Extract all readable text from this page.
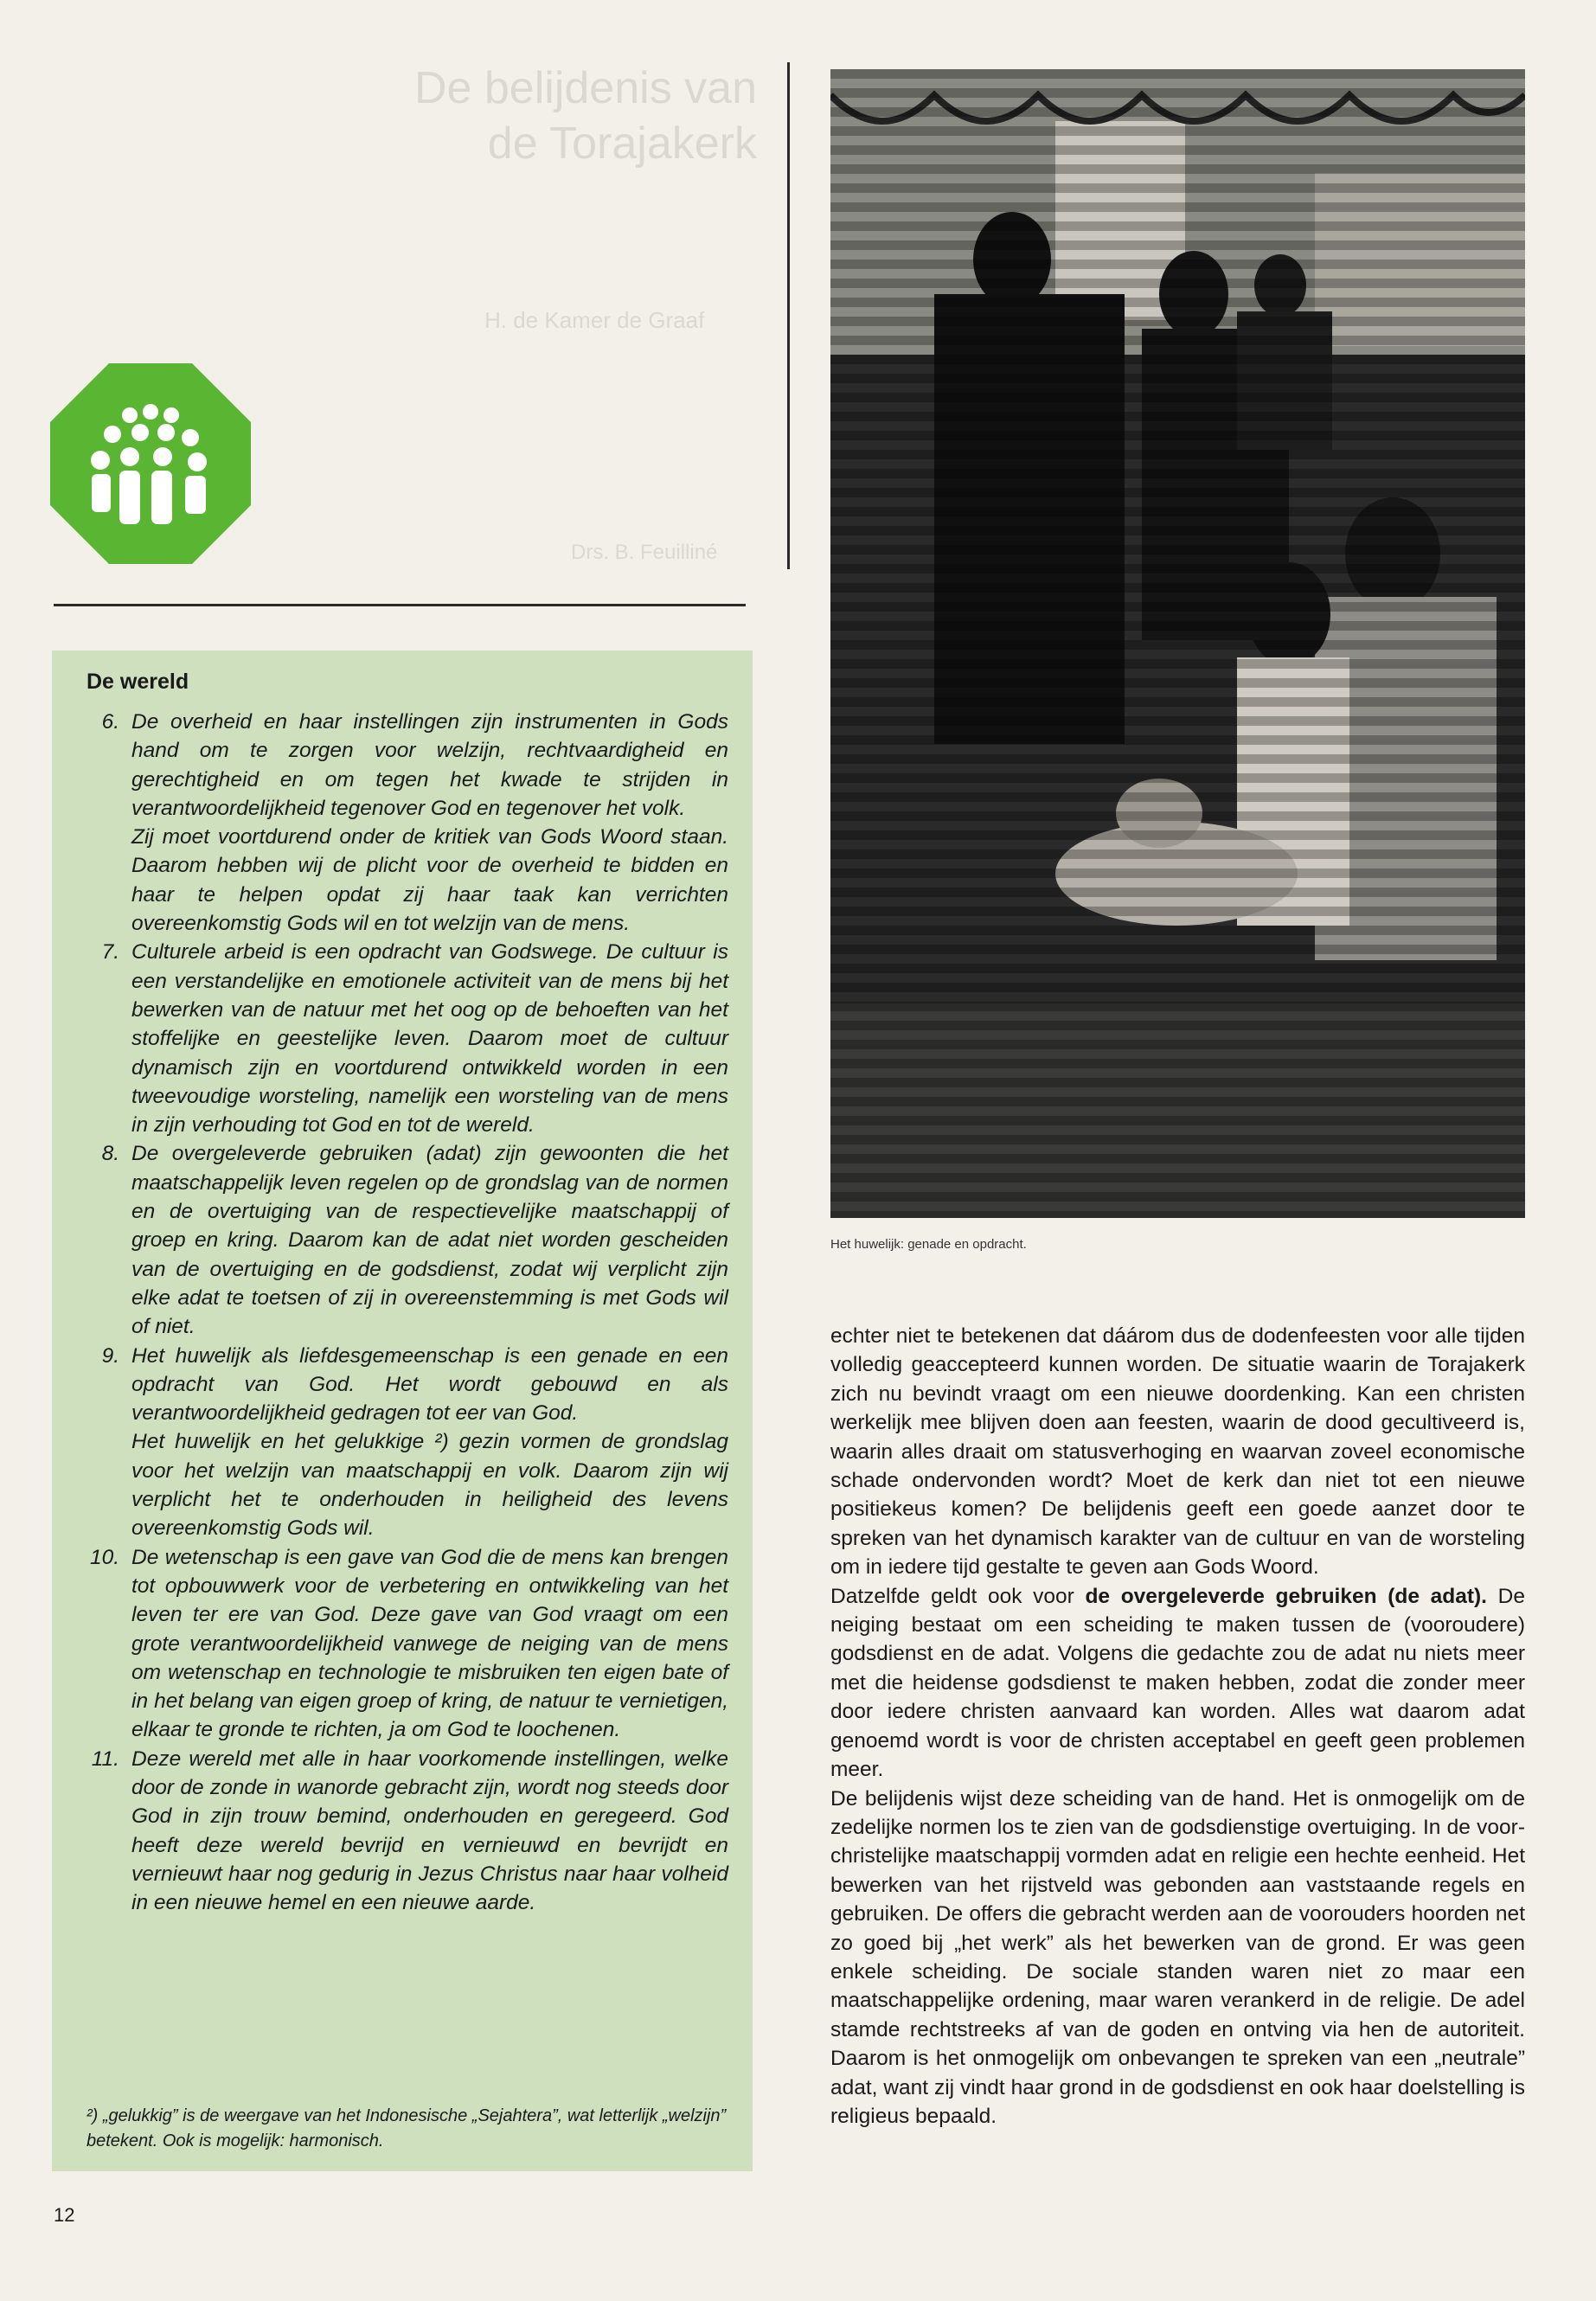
De belijdenis van
de Torajakerk
H. de Kamer de Graaf
Drs. B. Feuilliné
Het huwelijk: genade en opdracht.
De wereld
6. De overheid en haar instellingen zijn instrumenten in Gods hand om te zorgen voor welzijn, rechtvaardigheid en gerechtigheid en om tegen het kwade te strijden in verantwoordelijkheid tegenover God en tegenover het volk.

Zij moet voortdurend onder de kritiek van Gods Woord staan. Daarom hebben wij de plicht voor de overheid te bidden en haar te helpen opdat zij haar taak kan verrichten overeenkomstig Gods wil en tot welzijn van de mens.

7. Culturele arbeid is een opdracht van Godswege. De cultuur is een verstandelijke en emotionele activiteit van de mens bij het bewerken van de natuur met het oog op de behoeften van het stoffelijke en geestelijke leven. Daarom moet de cultuur dynamisch zijn en voortdurend ontwikkeld worden in een tweevoudige worsteling, namelijk een worsteling van de mens in zijn verhouding tot God en tot de wereld.

8. De overgeleverde gebruiken (adat) zijn gewoonten die het maatschappelijk leven regelen op de grondslag van de normen en de overtuiging van de respectievelijke maatschappij of groep en kring. Daarom kan de adat niet worden gescheiden van de overtuiging en de godsdienst, zodat wij verplicht zijn elke adat te toetsen of zij in overeenstemming is met Gods wil of niet.

9. Het huwelijk als liefdesgemeenschap is een genade en een opdracht van God. Het wordt gebouwd en als verantwoordelijkheid gedragen tot eer van God.

Het huwelijk en het gelukkige ²) gezin vormen de grondslag voor het welzijn van maatschappij en volk. Daarom zijn wij verplicht het te onderhouden in heiligheid des levens overeenkomstig Gods wil.

10. De wetenschap is een gave van God die de mens kan brengen tot opbouwwerk voor de verbetering en ontwikkeling van het leven ter ere van God. Deze gave van God vraagt om een grote verantwoordelijkheid vanwege de neiging van de mens om wetenschap en technologie te misbruiken ten eigen bate of in het belang van eigen groep of kring, de natuur te vernietigen, elkaar te gronde te richten, ja om God te loochenen.

11. Deze wereld met alle in haar voorkomende instellingen, welke door de zonde in wanorde gebracht zijn, wordt nog steeds door God in zijn trouw bemind, onderhouden en geregeerd. God heeft deze wereld bevrijd en vernieuwd en bevrijdt en vernieuwt haar nog gedurig in Jezus Christus naar haar volheid in een nieuwe hemel en een nieuwe aarde.

²) „gelukkig” is de weergave van het Indonesische „Sejahtera”, wat letterlijk „welzijn” betekent. Ook is mogelijk: harmonisch.

echter niet te betekenen dat dáárom dus de dodenfeesten voor alle tijden volledig geaccepteerd kunnen worden. De situatie waarin de Torajakerk zich nu bevindt vraagt om een nieuwe doordenking. Kan een christen werkelijk mee blijven doen aan feesten, waarin de dood gecultiveerd is, waarin alles draait om statusverhoging en waarvan zoveel economische schade ondervonden wordt? Moet de kerk dan niet tot een nieuwe positiekeus komen? De belijdenis geeft een goede aanzet door te spreken van het dynamisch karakter van de cultuur en van de worsteling om in iedere tijd gestalte te geven aan Gods Woord.

Datzelfde geldt ook voor de overgeleverde gebruiken (de adat). De neiging bestaat om een scheiding te maken tussen de (vooroudere) godsdienst en de adat. Volgens die gedachte zou de adat nu niets meer met die heidense godsdienst te maken hebben, zodat die zonder meer door iedere christen aanvaard kan worden. Alles wat daarom adat genoemd wordt is voor de christen acceptabel en geeft geen problemen meer.

De belijdenis wijst deze scheiding van de hand. Het is onmogelijk om de zedelijke normen los te zien van de godsdienstige overtuiging. In de voor-christelijke maatschappij vormden adat en religie een hechte eenheid. Het bewerken van het rijstveld was gebonden aan vaststaande regels en gebruiken. De offers die gebracht werden aan de voorouders hoorden net zo goed bij „het werk” als het bewerken van de grond. Er was geen enkele scheiding. De sociale standen waren niet zo maar een maatschappelijke ordening, maar waren verankerd in de religie. De adel stamde rechtstreeks af van de goden en ontving via hen de autoriteit. Daarom is het onmogelijk om onbevangen te spreken van een „neutrale” adat, want zij vindt haar grond in de godsdienst en ook haar doelstelling is religieus bepaald.

12
